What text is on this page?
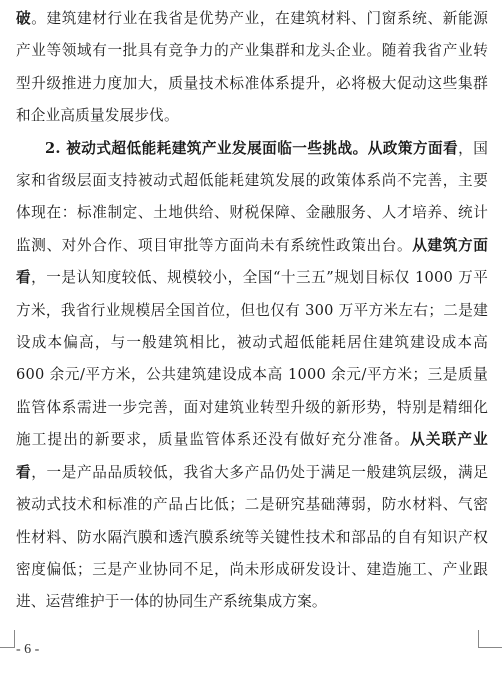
破。建筑建材行业在我省是优势产业，在建筑材料、门窗系统、新能源产业等领域有一批具有竞争力的产业集群和龙头企业。随着我省产业转型升级推进力度加大，质量技术标准体系提升，必将极大促动这些集群和企业高质量发展步伐。

2. 被动式超低能耗建筑产业发展面临一些挑战。从政策方面看，国家和省级层面支持被动式超低能耗建筑发展的政策体系尚不完善，主要体现在：标准制定、土地供给、财税保障、金融服务、人才培养、统计监测、对外合作、项目审批等方面尚未有系统性政策出台。从建筑方面看，一是认知度较低、规模较小，全国“十三五”规划目标仅 1000 万平方米，我省行业规模居全国首位，但也仅有 300 万平方米左右；二是建设成本偏高，与一般建筑相比，被动式超低能耗居住建筑建设成本高 600 余元/平方米，公共建筑建设成本高 1000 余元/平方米；三是质量监管体系需进一步完善，面对建筑业转型升级的新形势，特别是精细化施工提出的新要求，质量监管体系还没有做好充分准备。从关联产业看，一是产品品质较低，我省大多产品仍处于满足一般建筑层级，满足被动式技术和标准的产品占比低；二是研究基础薄弱，防水材料、气密性材料、防水隔汽膜和透汽膜系统等关键性技术和部品的自有知识产权密度偏低；三是产业协同不足，尚未形成研发设计、建造施工、产业跟进、运营维护于一体的协同生产系统集成方案。

- 6 -
